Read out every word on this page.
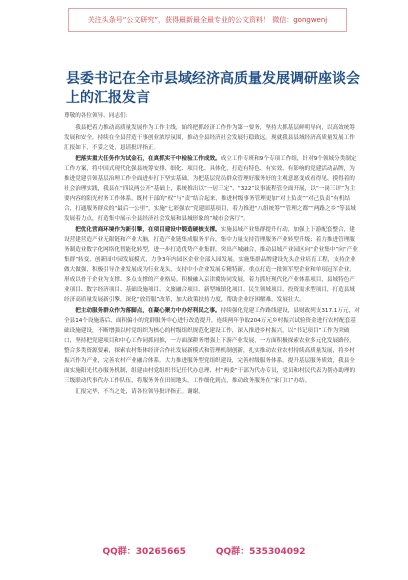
关注头条号“公文研究”，获得最新最全最专业的公文资料！ 微信：gongwenj
县委书记在全市县域经济高质量发展调研座谈会上的汇报发言

尊敬的各位领导、同志们：

我县把着力推动高质量发展作为工作主线，始终把抓经济工作作为第一要务，坚持大抓基层鲜明导向，以高效统筹发展和安全，持续在全县营造干事创业浓厚氛围，推动全县经济社会发展行稳致远。现就我县县域经济高质量发展工作汇报如下，不妥之处，恳请批评指正。

把落实重大任务作为试金石，在真抓实干中检验工作成效。成立工作专班和9个专项工作组，针对9个领域分类制定工作方案，将中国式现代化强县统筹安排、细化、项目化、具体化，打造有特色、有实效、有影响的党建活动品牌，为推进党建引领基层治理工作全面进步打下坚实基础。为把基层党员群众管理好服务好的主观意愿变成看得见、摸得着的社会治理实践，我县在“四议两公开”基础上，系统推出以“一居三定”、“322”议事流程管全面开展，以“一岗三评”为主要内容的阳光村务工作体系，既村干部的“权”与“责”结合起来，推进村级事务管理更加“对上负责”“对己负责”有机结合，打通服务群众的“最后一公里”，实施“七彩强农”党建固基项目，着力推进“八组统筹”“管理之都”“两路之乡”等县域发展着力点，打造集中展示全县经济社会发展和县城形象的“城市会客厅”。

把优化营商环境作为新引擎，在项目建设中锻造硬核支撑。实施县域产业集群提升行动，加强上下游配套整合，建设营建营造产业无限链和产业大脑，打造产业链集成服务平台，集中力量支持管理服务产业转型升级；着力推进管理服务制造业数字化网络化智能化转型，进一步打造优势产业集群，突出产城融合，推动县域产业园区向“企业集中”向“产业集群”转变，创新园中园发展模式，力争3年内园区企业全部入园发展。实施集群品牌建设先头企业培育工程，支持企业做大做强，积极引导企业发展成为行业龙头，支持中小企业发展专精特新，重点打造一批领军型企业和单项冠军企业，形成以骨干企业为支撑、多点支撑的产业格局。积极融入京津冀协同发展，着力抓好现代化产业体系项目，县域特色产业项目、数字经济项目、基础设施项目、文旅融合项目、新型城镇化项目、民生领域项目、投资需求型项目，打造县域经济高质量发展新引擎，深化“放管服”改革，加大政策扶持力度，帮助企业纾困解难，发展壮大。

把主动服务群众作为落脚点，在凝心聚力中办好利民之事。持续强化党建工作路线建设，县财政列支317.1万元，对全县14个设施落后、面积偏小的党群服务中心进行改造提升，连续两年争取204万元乡村振兴试验资金进行农村配套基础设施建设，不断增强以村党组织为核心的村级组织规范化建设工作，深入推进乡村振兴，以“书记项目”工作为突破口，坚持把党建项目和中心工作同抓同推，一方面深耕务增强上下游产业发展，一方面积极探索农业多元化发展路径，整合多类资源要素，探索农村集体经济合作社发展新模式和管理机制创新，扎实推动农业农村持续高质量发展，将乡村振兴作为产业，完善农村产业融合体系。大力推进服务型党组织建设，完善村级服务体系，提升基层服务质效，我县全面实施阳光代办服务机制，组建由村党组织书记任代办总理、村“两委”干部为代办专员，党员和村民代表为帮办助理的三级联动代事代办工作队伍，将服务务在田间地头，工作细化到点，推动政务服务在“家门口”办结。

汇报完毕，不当之处，请各位领导批评指正。谢谢。

QQ群：30265665	QQ群：535304092
